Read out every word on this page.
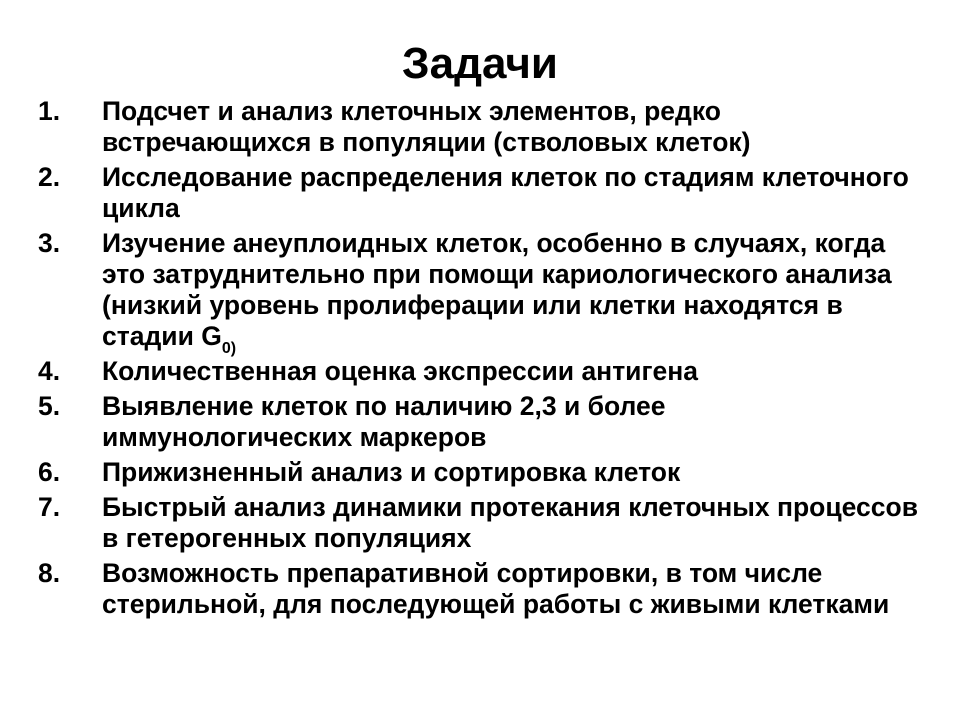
Задачи
1.	Подсчет и анализ клеточных элементов, редко встречающихся в популяции (стволовых клеток)
2.	Исследование распределения клеток по стадиям клеточного цикла
3.	Изучение анеуплоидных клеток, особенно в случаях, когда это затруднительно при помощи кариологического анализа (низкий уровень пролиферации или клетки находятся в стадии $G_{0)}$
4.	Количественная оценка экспрессии антигена
5.	Выявление клеток по наличию 2,3 и более иммунологических маркеров
6.	Прижизненный анализ и сортировка клеток
7.	Быстрый анализ динамики протекания клеточных процессов в гетерогенных популяциях
8.	Возможность препаративной сортировки, в том числе стерильной, для последующей работы с живыми клетками
